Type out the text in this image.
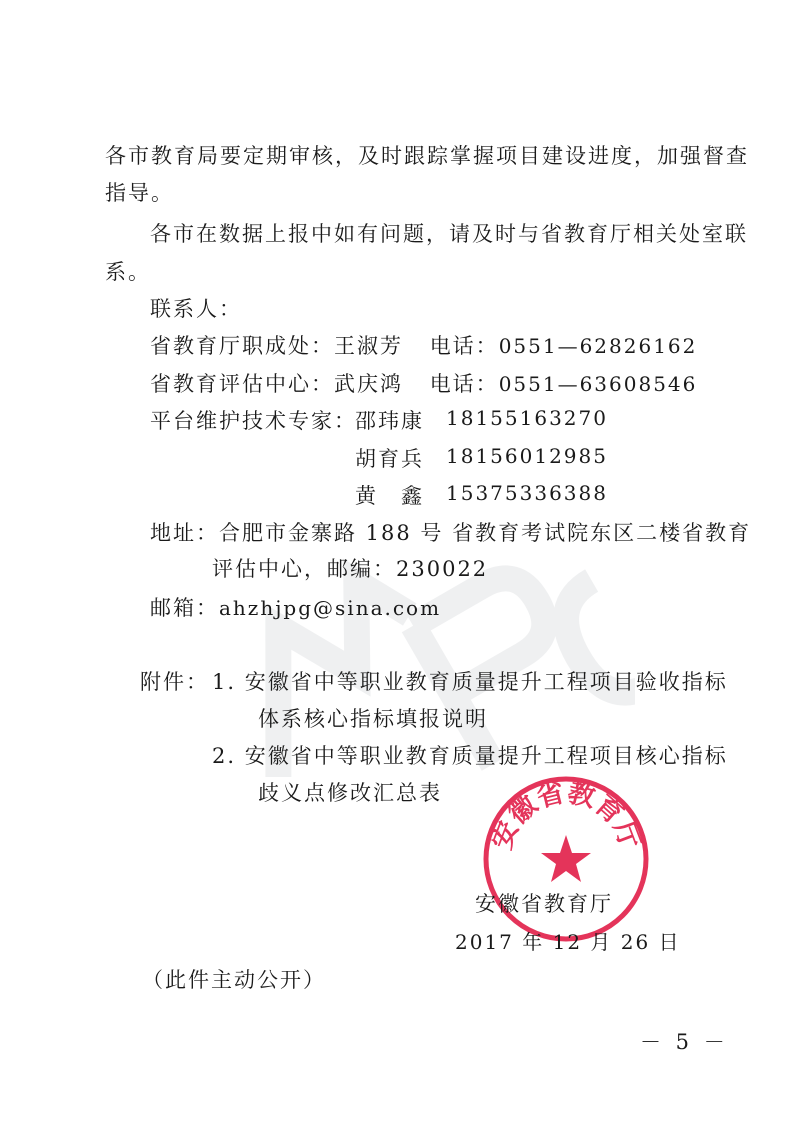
各市教育局要定期审核，及时跟踪掌握项目建设进度，加强督查
指导。
各市在数据上报中如有问题，请及时与省教育厅相关处室联
系。
联系人：
省教育厅职成处：王淑芳 电话：0551—62826162
省教育评估中心：武庆鸿 电话：0551—63608546
平台维护技术专家：
邵玮康 18155163270
胡育兵 18156012985
黄　鑫 15375336388
地址：合肥市金寨路 188 号 省教育考试院东区二楼省教育
评估中心，邮编：230022
邮箱：ahzhjpg@sina.com
附件： 1. 安徽省中等职业教育质量提升工程项目验收指标
体系核心指标填报说明
2. 安徽省中等职业教育质量提升工程项目核心指标
歧义点修改汇总表
安徽省教育厅
安徽省教育厅
2017 年 12 月 26 日
（此件主动公开）
－ 5 －
